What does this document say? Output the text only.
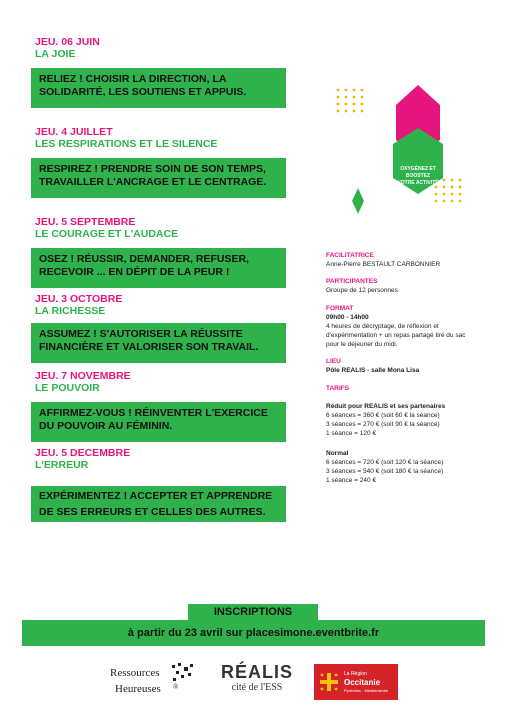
JEU. 06 JUIN
LA JOIE
RELIEZ ! CHOISIR LA DIRECTION, LA
SOLIDARITÉ, LES SOUTIENS ET APPUIS.
JEU. 4 JUILLET
LES RESPIRATIONS ET LE SILENCE
RESPIREZ ! PRENDRE SOIN DE SON TEMPS,
TRAVAILLER L'ANCRAGE ET LE CENTRAGE.
JEU. 5 SEPTEMBRE
LE COURAGE ET L'AUDACE
OSEZ ! RÉUSSIR, DEMANDER, REFUSER,
RECEVOIR ... EN DÉPIT DE LA PEUR !
JEU. 3 OCTOBRE
LA RICHESSE
ASSUMEZ ! S'AUTORISER LA RÉUSSITE
FINANCIÈRE ET VALORISER SON TRAVAIL.
JEU. 7 NOVEMBRE
LE POUVOIR
AFFIRMEZ-VOUS ! RÉINVENTER L'EXERCICE
DU POUVOIR AU FÉMININ.
JEU. 5 DECEMBRE
L'ERREUR
EXPÉRIMENTEZ ! ACCEPTER ET APPRENDRE
DE SES ERREURS ET CELLES DES AUTRES.
OXYGÉNEZ ET
BOOSTEZ
VOTRE ACTIVITÉ
FACILITATRICE
Anne-Pierre BESTAULT CARBONNIER
PARTICIPANTES
Groupe de 12 personnes
FORMAT
09h00 - 14h00
4 heures de décryptage, de réflexion et
d'expérimentation + un repas partagé tiré du sac
pour le déjeuner du midi.
LIEU
Pôle REALIS - salle Mona Lisa
TARIFS
Réduit pour REALIS et ses partenaires
6 séances = 360 € (soit 60 € la séance)
3 séances = 270 € (soit 90 € la séance)
1 séance = 120 €
Normal
6 séances = 720 € (soit 120 € la séance)
3 séances = 540 € (soit 180 € la séance)
1 séance = 240 €
INSCRIPTIONS
à partir du 23 avril sur placesimone.eventbrite.fr
Ressources
Heureuses ®
RÉALIS
cité de l'ESS
La Région
Occitanie
Pyrénées · Méditerranée
